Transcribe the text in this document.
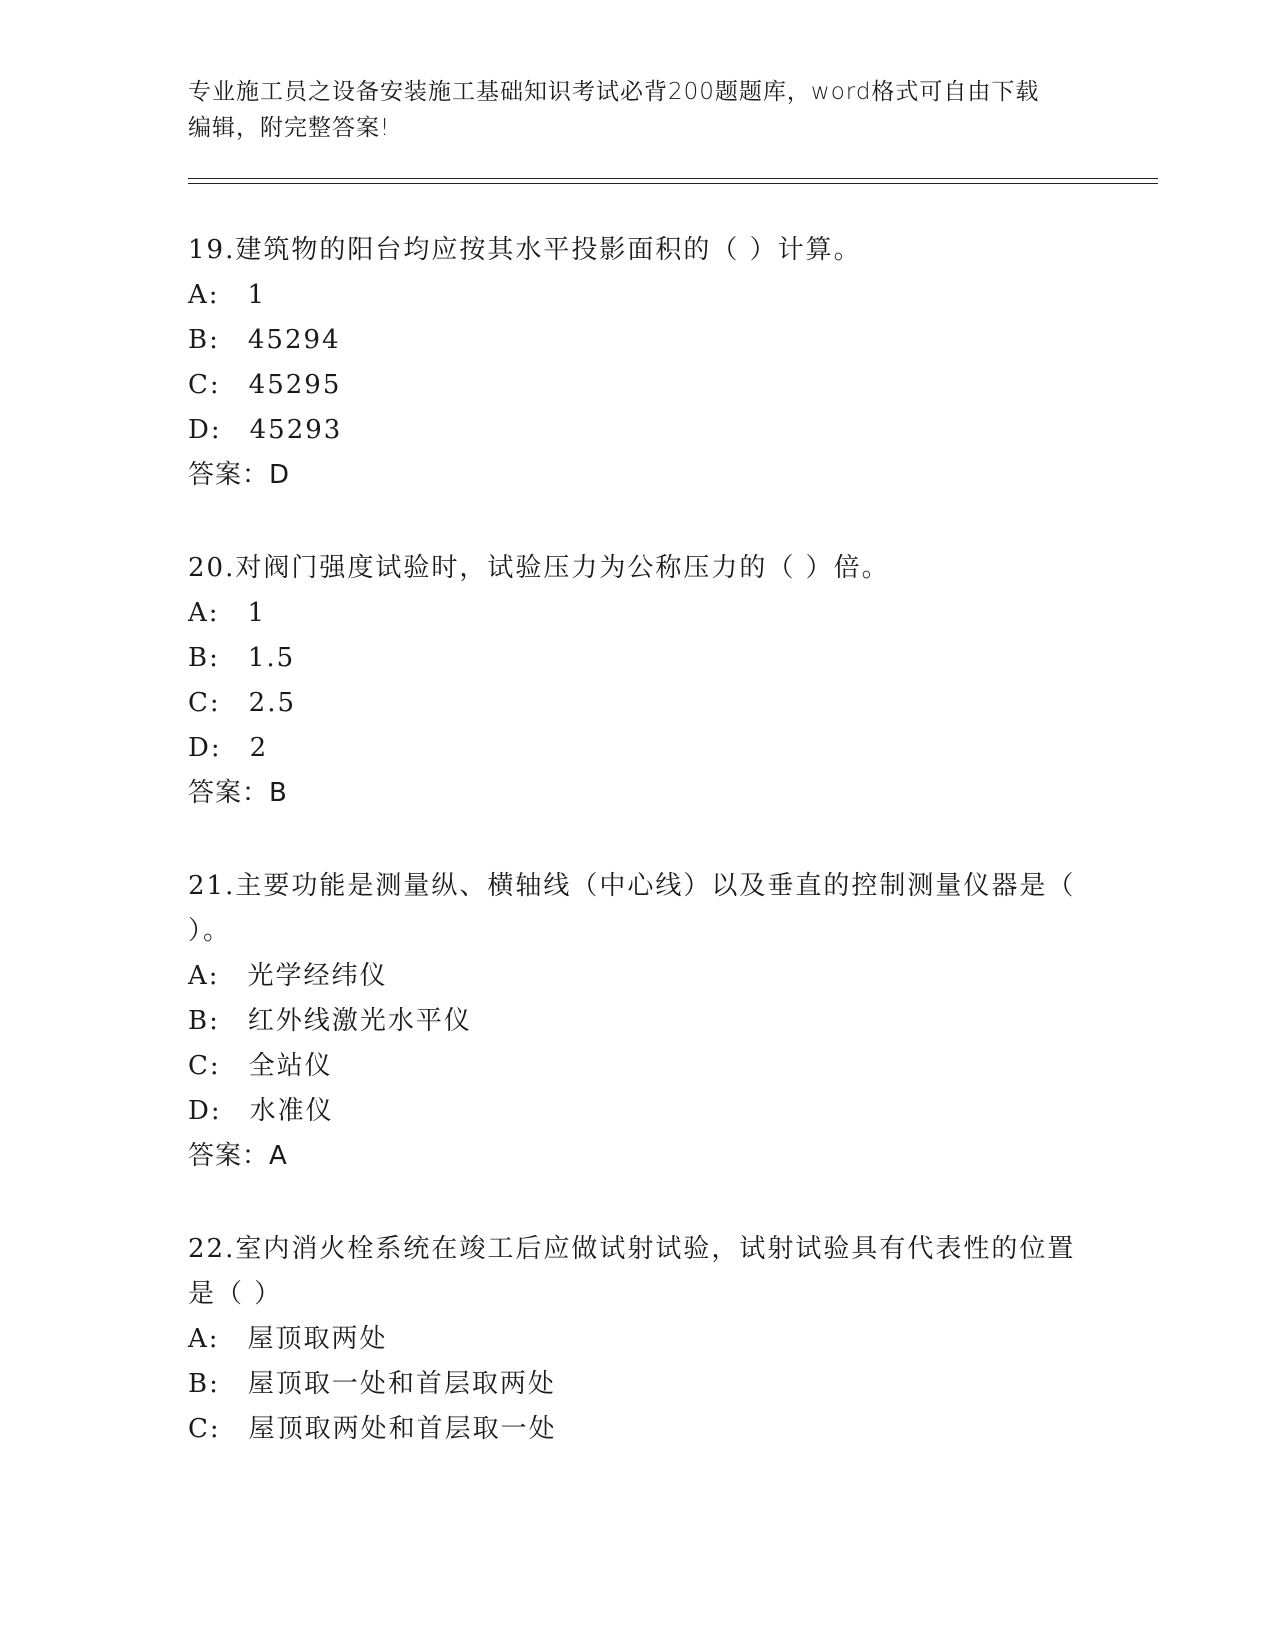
专业施工员之设备安装施工基础知识考试必背200题题库，word格式可自由下载
编辑，附完整答案!

19.建筑物的阳台均应按其水平投影面积的（ ）计算。

A: 1

B: 45294

C: 45295

D: 45293

答案：D

20.对阀门强度试验时，试验压力为公称压力的（ ）倍。

A: 1

B: 1.5

C: 2.5

D: 2

答案：B

21.主要功能是测量纵、横轴线（中心线）以及垂直的控制测量仪器是（ ）。

A: 光学经纬仪

B: 红外线激光水平仪

C: 全站仪

D: 水准仪

答案：A

22.室内消火栓系统在竣工后应做试射试验，试射试验具有代表性的位置是（ ）

A: 屋顶取两处

B: 屋顶取一处和首层取两处

C: 屋顶取两处和首层取一处
